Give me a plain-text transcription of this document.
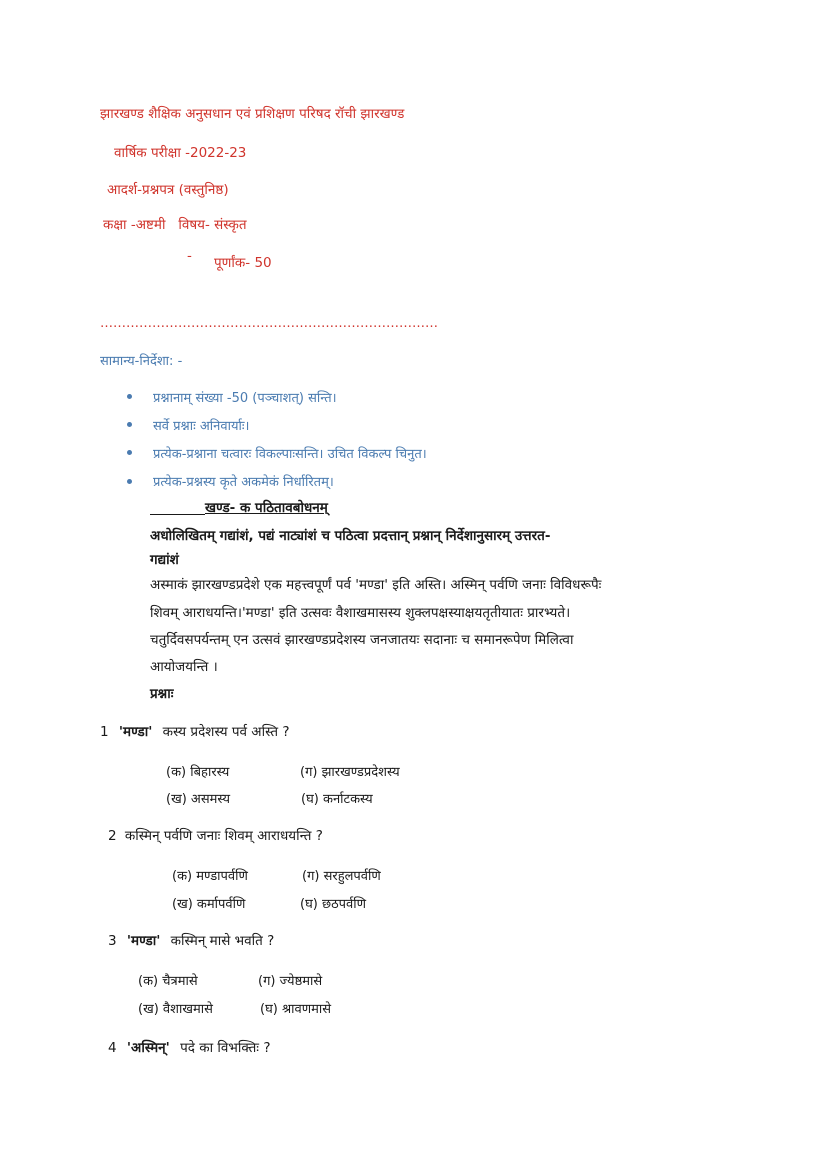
झारखण्ड शैक्षिक अनुसधान एवं प्रशिक्षण परिषद रॉची झारखण्ड
वार्षिक परीक्षा -2022-23
आदर्श-प्रश्नपत्र (वस्तुनिष्ठ)
कक्षा -अष्टमी   विषय- संस्कृत
- पूर्णांक- 50
……………………………………………………………………
सामान्य-निर्देशा: -
प्रश्नानाम् संख्या -50 (पञ्चाशत्) सन्ति।
सर्वे प्रश्नाः अनिवार्याः।
प्रत्येक-प्रश्नाना चत्वारः विकल्पाःसन्ति। उचित विकल्प चिनुत।
प्रत्येक-प्रश्नस्य कृते अकमेकं निर्धारितम्।
खण्ड- क पठितावबोधनम्
अधोलिखितम् गद्यांशं, पद्यं नाट्यांशं च पठित्वा प्रदत्तान् प्रश्नान् निर्देशानुसारम् उत्तरत-
गद्यांशं
अस्माकं झारखण्डप्रदेशे एक महत्त्वपूर्णं पर्व 'मण्डा' इति अस्ति। अस्मिन् पर्वणि जनाः विविधरूपैः
शिवम् आराधयन्ति।'मण्डा' इति उत्सवः वैशाखमासस्य शुक्लपक्षस्याक्षयतृतीयातः प्रारभ्यते।
चतुर्दिवसपर्यन्तम् एन उत्सवं झारखण्डप्रदेशस्य जनजातयः सदानाः च समानरूपेण मिलित्वा
आयोजयन्ति ।
प्रश्नाः
1 'मण्डा' कस्य प्रदेशस्य पर्व अस्ति ?
(क) बिहारस्य	(ग) झारखण्डप्रदेशस्य
(ख) असमस्य	(घ) कर्नाटकस्य
2 कस्मिन् पर्वणि जनाः शिवम् आराधयन्ति ?
(क) मण्डापर्वणि	(ग) सरहुलपर्वणि
(ख) कर्मापर्वणि	(घ) छठपर्वणि
3 'मण्डा' कस्मिन् मासे भवति ?
(क) चैत्रमासे	(ग) ज्येष्ठमासे
(ख) वैशाखमासे	(घ) श्रावणमासे
4 'अस्मिन्' पदे का विभक्तिः ?
